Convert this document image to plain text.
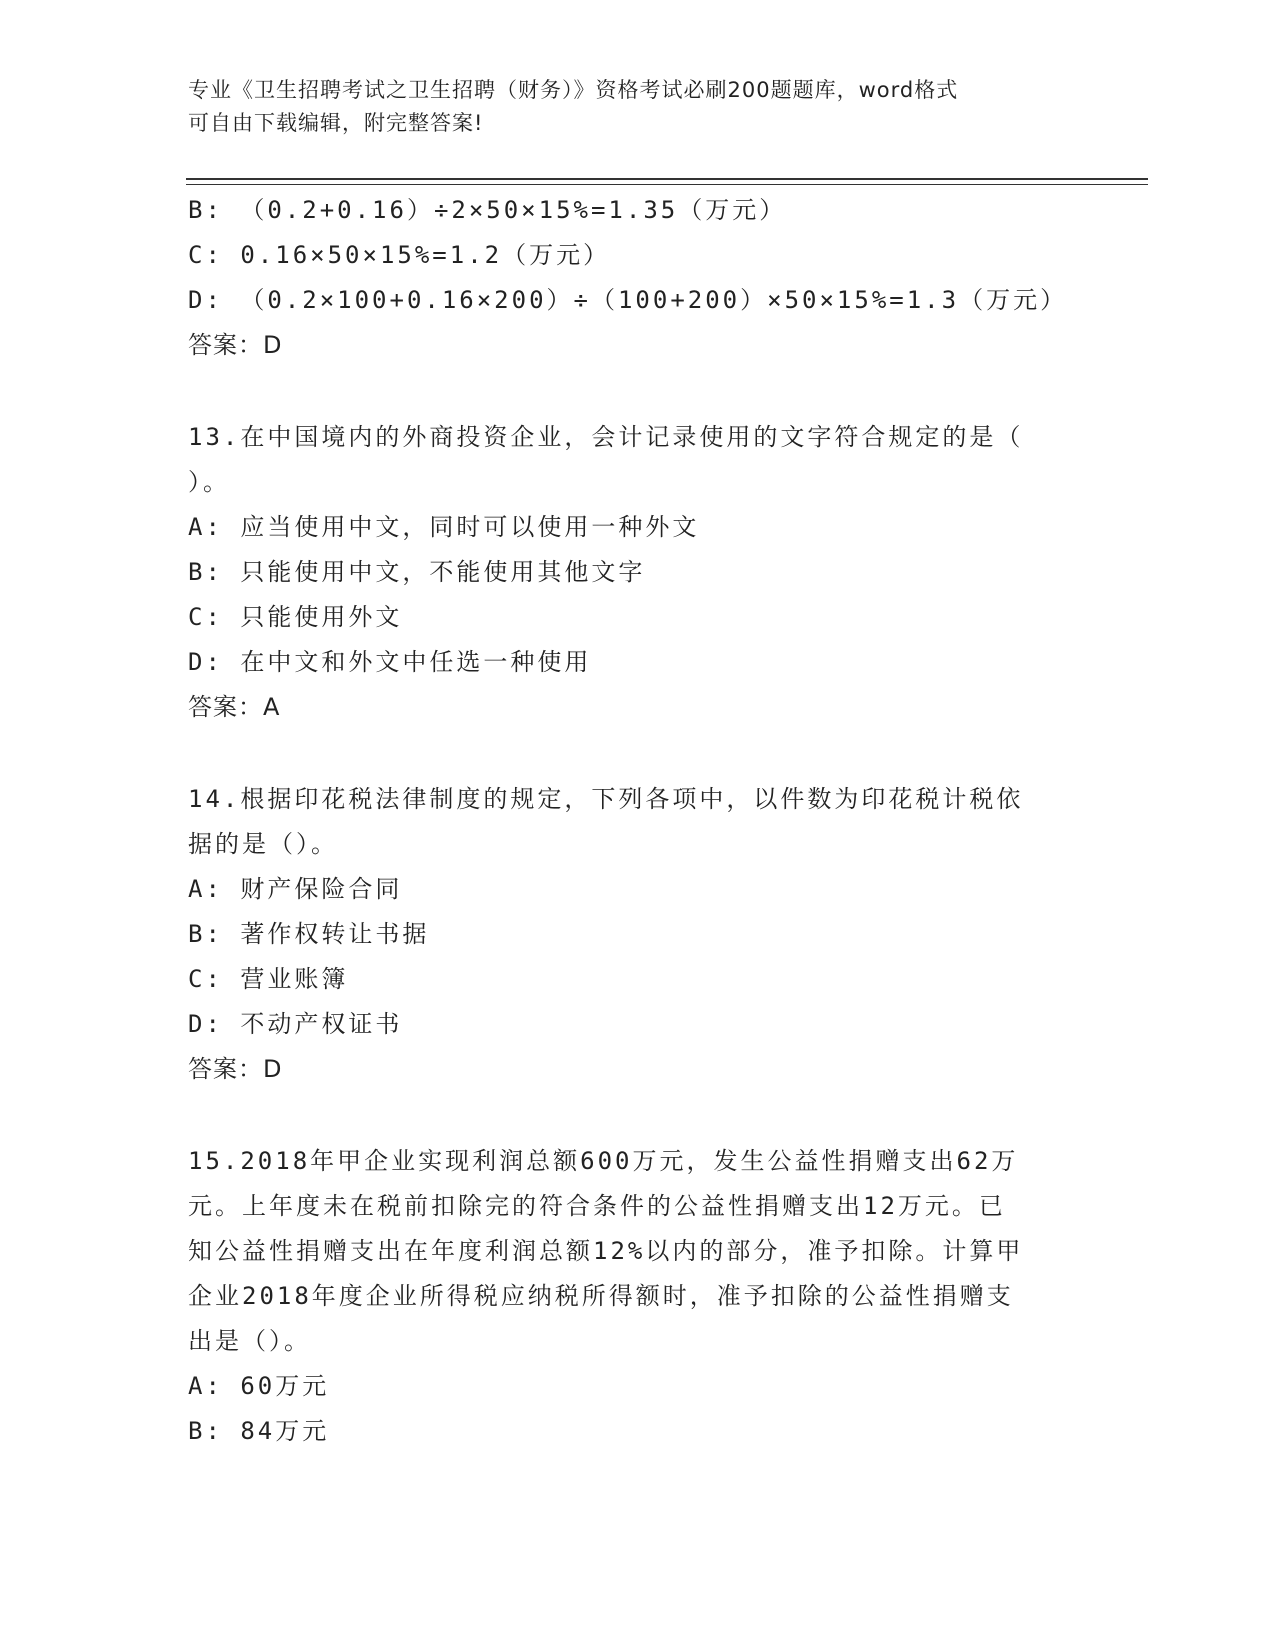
专业《卫生招聘考试之卫生招聘（财务）》资格考试必刷200题题库，word格式
可自由下载编辑，附完整答案!
B: （0.2+0.16）÷2×50×15%=1.35（万元）
C: 0.16×50×15%=1.2（万元）
D: （0.2×100+0.16×200）÷（100+200）×50×15%=1.3（万元）
答案：D
13.在中国境内的外商投资企业，会计记录使用的文字符合规定的是（
）。
A: 应当使用中文，同时可以使用一种外文
B: 只能使用中文，不能使用其他文字
C: 只能使用外文
D: 在中文和外文中任选一种使用
答案：A
14.根据印花税法律制度的规定，下列各项中，以件数为印花税计税依
据的是（）。
A: 财产保险合同
B: 著作权转让书据
C: 营业账簿
D: 不动产权证书
答案：D
15.2018年甲企业实现利润总额600万元，发生公益性捐赠支出62万
元。上年度未在税前扣除完的符合条件的公益性捐赠支出12万元。已
知公益性捐赠支出在年度利润总额12%以内的部分，准予扣除。计算甲
企业2018年度企业所得税应纳税所得额时，准予扣除的公益性捐赠支
出是（）。
A: 60万元
B: 84万元
